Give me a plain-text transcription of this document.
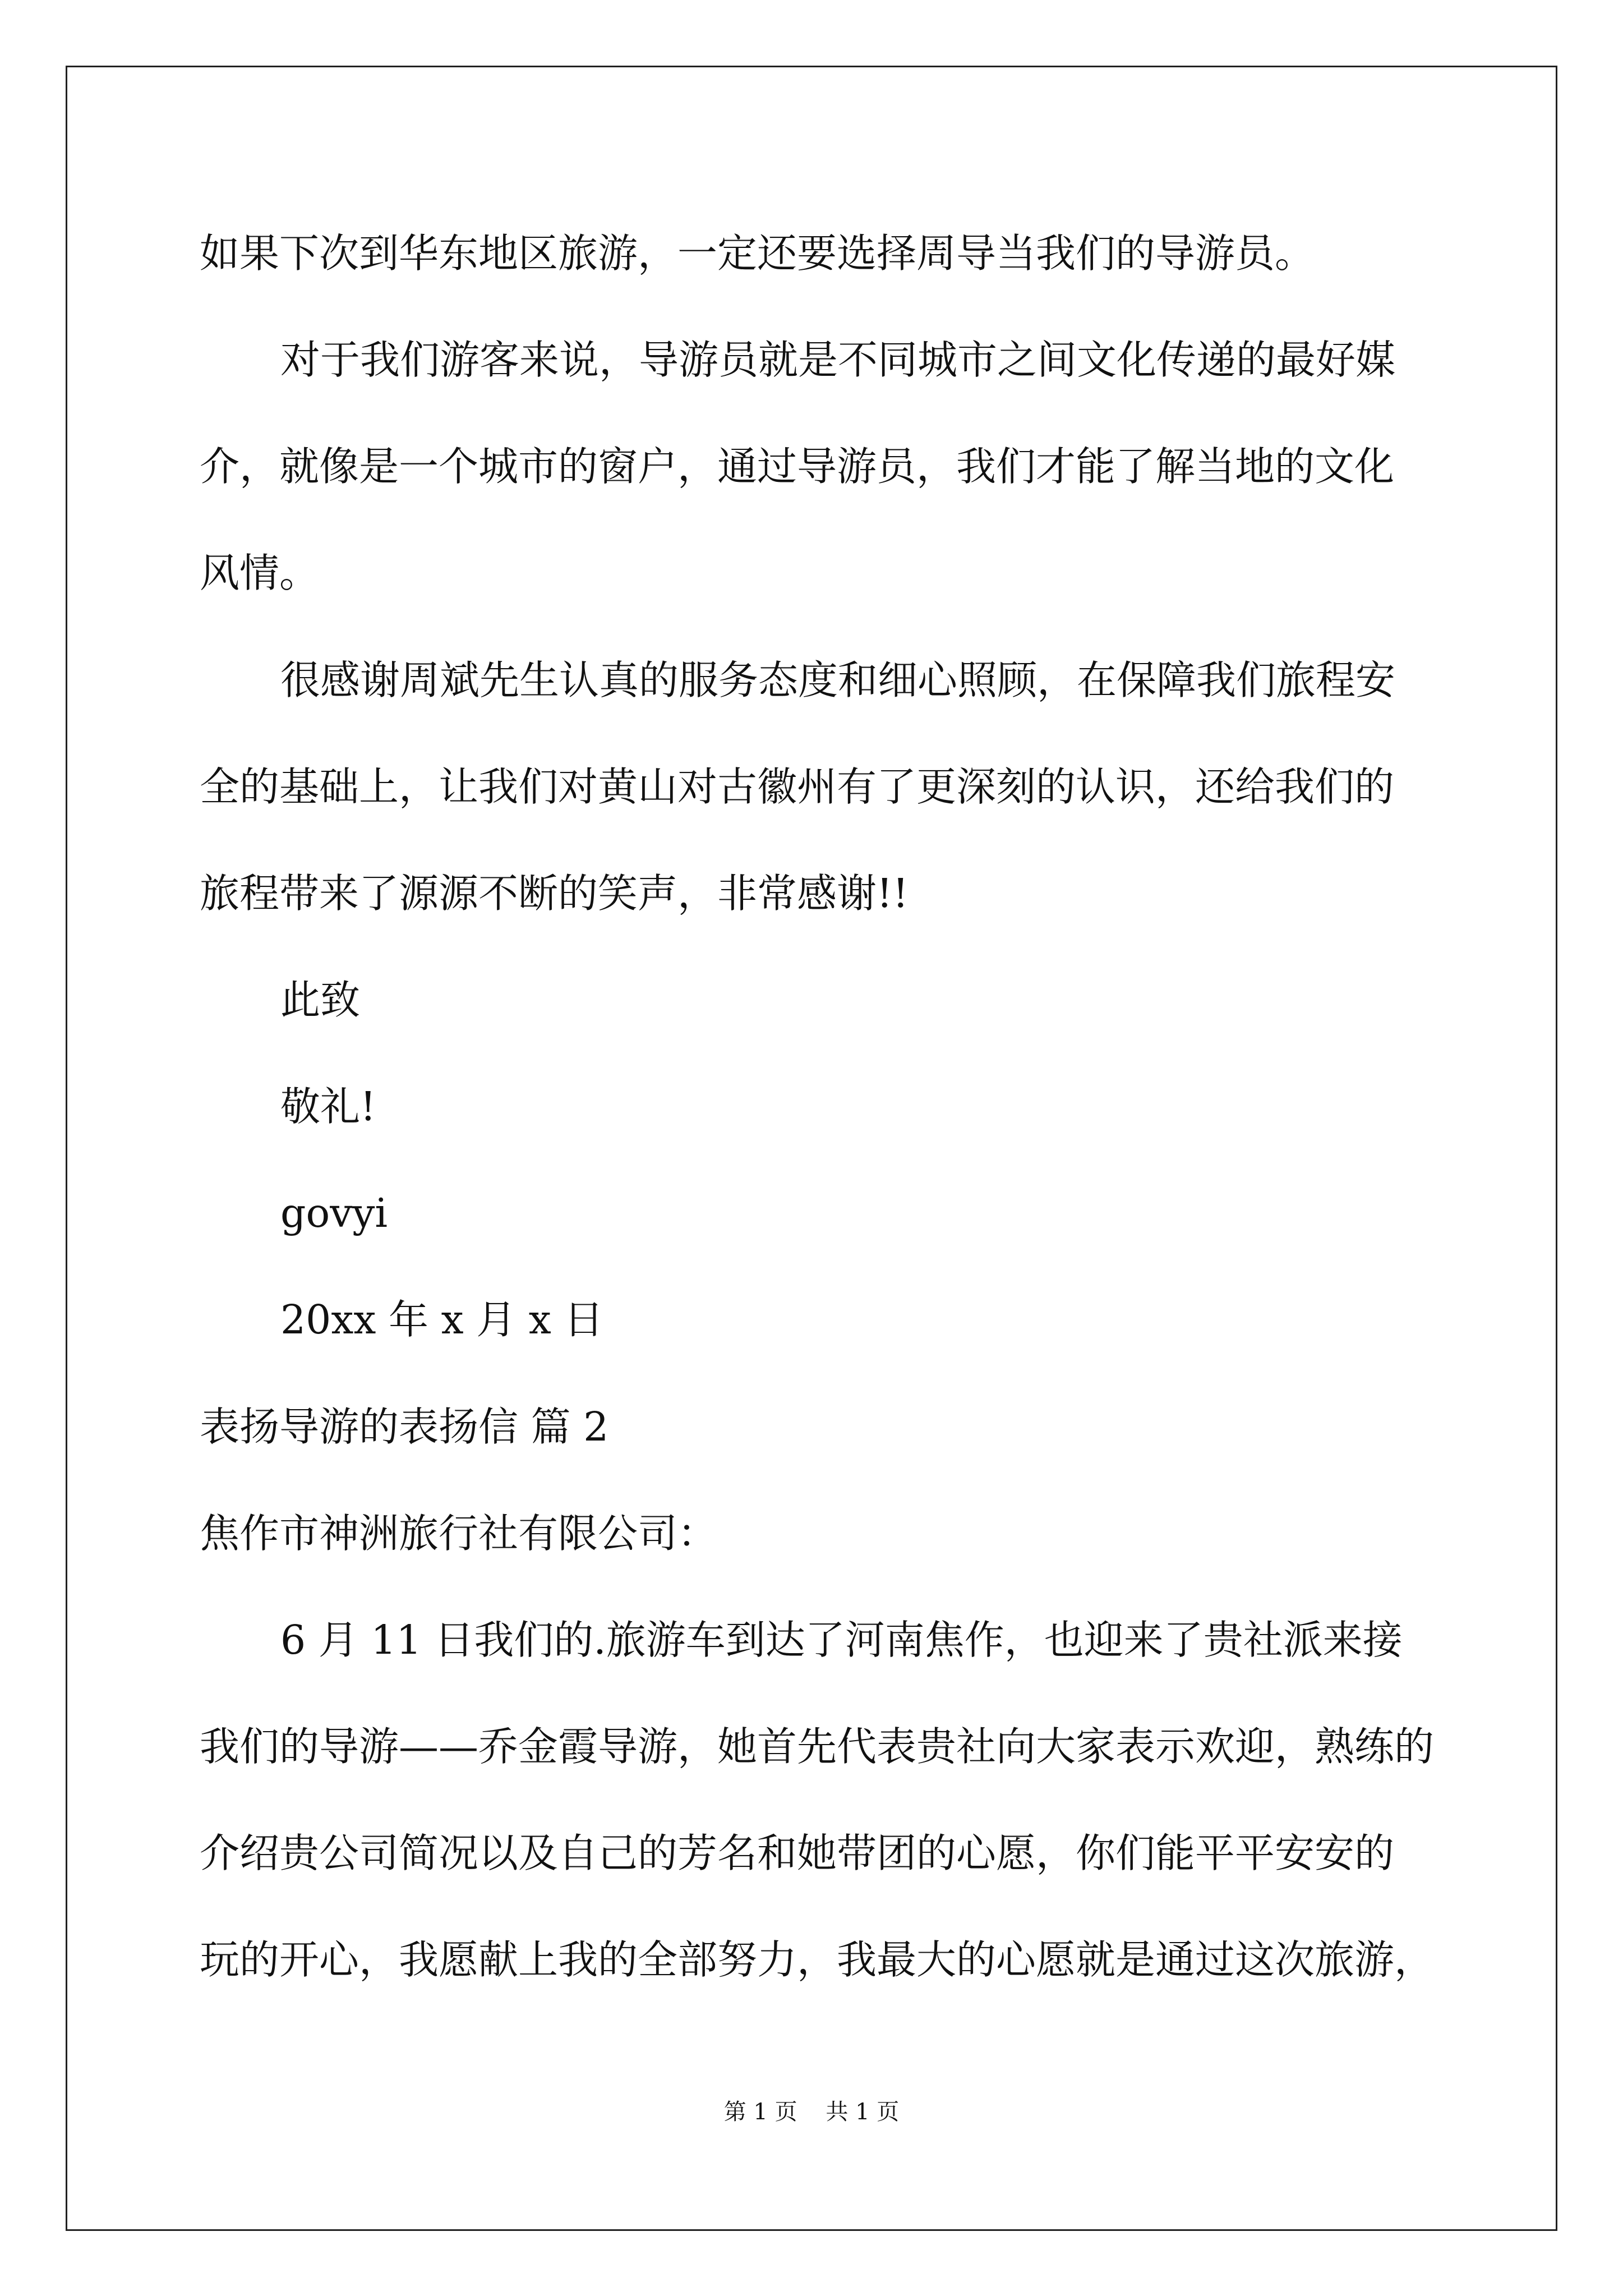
如果下次到华东地区旅游，一定还要选择周导当我们的导游员。
对于我们游客来说，导游员就是不同城市之间文化传递的最好媒
介，就像是一个城市的窗户，通过导游员，我们才能了解当地的文化
风情。
很感谢周斌先生认真的服务态度和细心照顾，在保障我们旅程安
全的基础上，让我们对黄山对古徽州有了更深刻的认识，还给我们的
旅程带来了源源不断的笑声，非常感谢!!
此致
敬礼!
govyi
20xx 年 x 月 x 日
表扬导游的表扬信 篇 2
焦作市神洲旅行社有限公司：
6 月 11 日我们的.旅游车到达了河南焦作，也迎来了贵社派来接
我们的导游——乔金霞导游，她首先代表贵社向大家表示欢迎，熟练的
介绍贵公司简况以及自己的芳名和她带团的心愿，你们能平平安安的
玩的开心，我愿献上我的全部努力，我最大的心愿就是通过这次旅游，
第 1 页    共 1 页
